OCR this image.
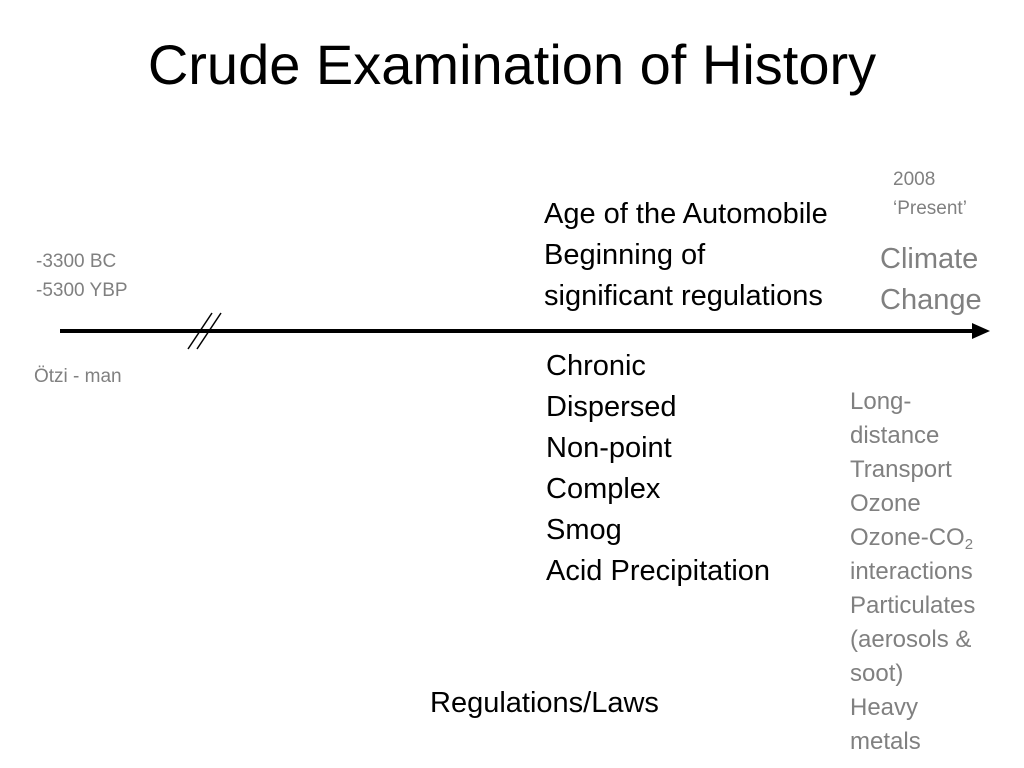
Crude Examination of History
-3300 BC
-5300 YBP
Ötzi - man
2008
‘Present’
Age of the Automobile
Beginning of
significant regulations
Chronic
Dispersed
Non-point
Complex
Smog
Acid Precipitation
Climate
Change
Long-
distance
Transport
Ozone
Ozone-$CO_2$
interactions
Particulates
(aerosols &
soot)
Heavy
metals
Regulations/Laws
